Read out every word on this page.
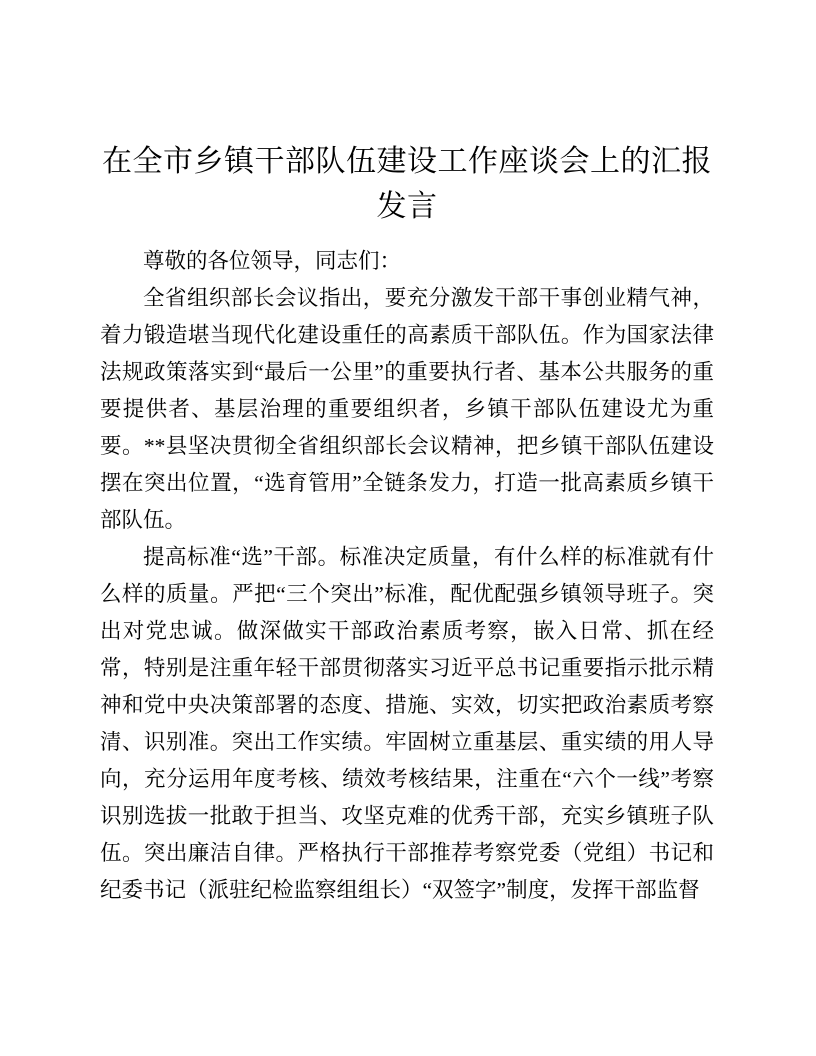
在全市乡镇干部队伍建设工作座谈会上的汇报发言

尊敬的各位领导，同志们：

全省组织部长会议指出，要充分激发干部干事创业精气神，着力锻造堪当现代化建设重任的高素质干部队伍。作为国家法律法规政策落实到“最后一公里”的重要执行者、基本公共服务的重要提供者、基层治理的重要组织者，乡镇干部队伍建设尤为重要。**县坚决贯彻全省组织部长会议精神，把乡镇干部队伍建设摆在突出位置，“选育管用”全链条发力，打造一批高素质乡镇干部队伍。

提高标准“选”干部。标准决定质量，有什么样的标准就有什么样的质量。严把“三个突出”标准，配优配强乡镇领导班子。突出对党忠诚。做深做实干部政治素质考察，嵌入日常、抓在经常，特别是注重年轻干部贯彻落实习近平总书记重要指示批示精神和党中央决策部署的态度、措施、实效，切实把政治素质考察清、识别准。突出工作实绩。牢固树立重基层、重实绩的用人导向，充分运用年度考核、绩效考核结果，注重在“六个一线”考察识别选拔一批敢于担当、攻坚克难的优秀干部，充实乡镇班子队伍。突出廉洁自律。严格执行干部推荐考察党委（党组）书记和纪委书记（派驻纪检监察组组长）“双签字”制度，发挥干部监督
